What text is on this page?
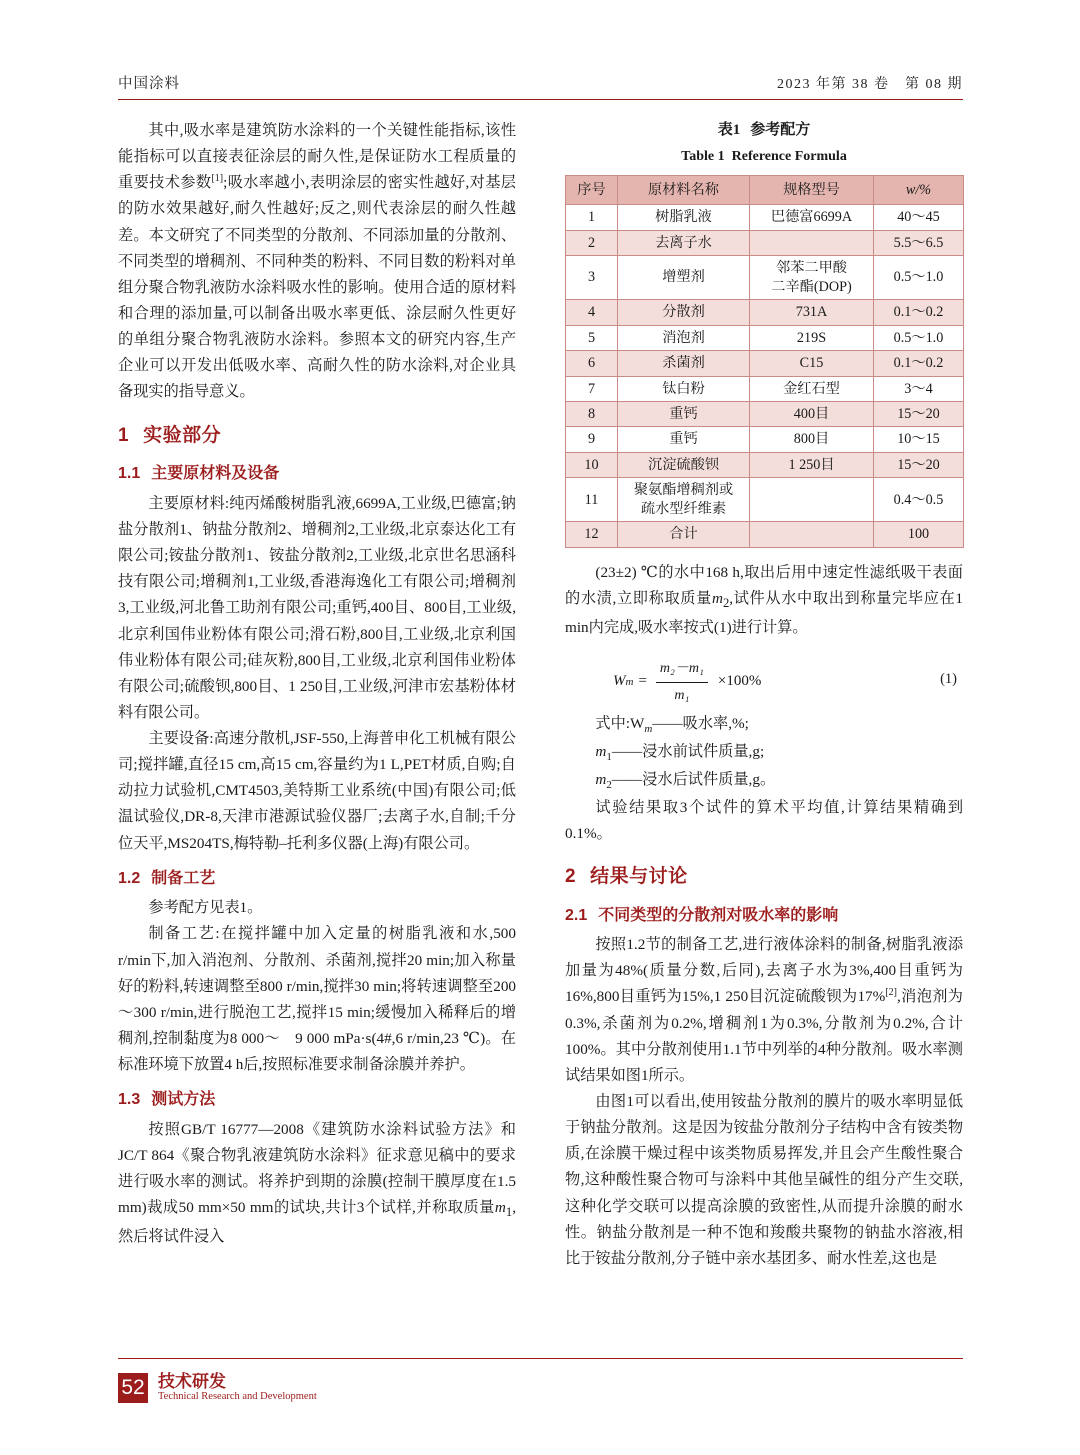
中国涂料	2023 年第 38 卷　第 08 期

其中,吸水率是建筑防水涂料的一个关键性能指标,该性能指标可以直接表征涂层的耐久性,是保证防水工程质量的重要技术参数[1];吸水率越小,表明涂层的密实性越好,对基层的防水效果越好,耐久性越好;反之,则代表涂层的耐久性越差。本文研究了不同类型的分散剂、不同添加量的分散剂、不同类型的增稠剂、不同种类的粉料、不同目数的粉料对单组分聚合物乳液防水涂料吸水性的影响。使用合适的原材料和合理的添加量,可以制备出吸水率更低、涂层耐久性更好的单组分聚合物乳液防水涂料。参照本文的研究内容,生产企业可以开发出低吸水率、高耐久性的防水涂料,对企业具备现实的指导意义。

1 实验部分
1.1 主要原材料及设备

主要原材料:纯丙烯酸树脂乳液,6699A,工业级,巴德富;钠盐分散剂1、钠盐分散剂2、增稠剂2,工业级,北京泰达化工有限公司;铵盐分散剂1、铵盐分散剂2,工业级,北京世名思涵科技有限公司;增稠剂1,工业级,香港海逸化工有限公司;增稠剂3,工业级,河北鲁工助剂有限公司;重钙,400目、800目,工业级,北京利国伟业粉体有限公司;滑石粉,800目,工业级,北京利国伟业粉体有限公司;硅灰粉,800目,工业级,北京利国伟业粉体有限公司;硫酸钡,800目、1 250目,工业级,河津市宏基粉体材料有限公司。

主要设备:高速分散机,JSF-550,上海普申化工机械有限公司;搅拌罐,直径15 cm,高15 cm,容量约为1 L,PET材质,自购;自动拉力试验机,CMT4503,美特斯工业系统(中国)有限公司;低温试验仪,DR-8,天津市港源试验仪器厂;去离子水,自制;千分位天平,MS204TS,梅特勒–托利多仪器(上海)有限公司。

1.2 制备工艺

参考配方见表1。

制备工艺:在搅拌罐中加入定量的树脂乳液和水,500 r/min下,加入消泡剂、分散剂、杀菌剂,搅拌20 min;加入称量好的粉料,转速调整至800 r/min,搅拌30 min;将转速调整至200～300 r/min,进行脱泡工艺,搅拌15 min;缓慢加入稀释后的增稠剂,控制黏度为8 000～　9 000 mPa·s(4#,6 r/min,23 ℃)。在标准环境下放置4 h后,按照标准要求制备涂膜并养护。

1.3 测试方法

按照GB/T 16777—2008《建筑防水涂料试验方法》和JC/T 864《聚合物乳液建筑防水涂料》征求意见稿中的要求进行吸水率的测试。将养护到期的涂膜(控制干膜厚度在1.5 mm)裁成50 mm×50 mm的试块,共计3个试样,并称取质量$m_1$,然后将试件浸入

表1 参考配方
Table 1 Reference Formula
序号	原材料名称	规格型号	w/%
1	树脂乳液	巴德富6699A	40～45
2	去离子水		5.5～6.5
3	增塑剂	邻苯二甲酸
二辛酯(DOP)	0.5～1.0
4	分散剂	731A	0.1～0.2
5	消泡剂	219S	0.5～1.0
6	杀菌剂	C15	0.1～0.2
7	钛白粉	金红石型	3～4
8	重钙	400目	15～20
9	重钙	800目	10～15
10	沉淀硫酸钡	1 250目	15～20
11	聚氨酯增稠剂或
疏水型纤维素		0.4～0.5
12	合计		100

(23±2) ℃的水中168 h,取出后用中速定性滤纸吸干表面的水渍,立即称取质量$m_2$,试件从水中取出到称量完毕应在1 min内完成,吸水率按式(1)进行计算。

W $m = \frac{\text{m₂－m₁}}{\text{m₁}} \times 100\%$	(1)

式中$:W_m——$吸水率,%;

$m_1——$浸水前试件质量,g;

$m_2——$浸水后试件质量,g。

试验结果取3个试件的算术平均值,计算结果精确到0.1%。

2 结果与讨论
2.1 不同类型的分散剂对吸水率的影响

按照1.2节的制备工艺,进行液体涂料的制备,树脂乳液添加量为48%(质量分数,后同),去离子水为3%,400目重钙为16%,800目重钙为15%,1 250目沉淀硫酸钡为17%[2],消泡剂为0.3%,杀菌剂为0.2%,增稠剂1为0.3%,分散剂为0.2%,合计100%。其中分散剂使用1.1节中列举的4种分散剂。吸水率测试结果如图1所示。

由图1可以看出,使用铵盐分散剂的膜片的吸水率明显低于钠盐分散剂。这是因为铵盐分散剂分子结构中含有铵类物质,在涂膜干燥过程中该类物质易挥发,并且会产生酸性聚合物,这种酸性聚合物可与涂料中其他呈碱性的组分产生交联,这种化学交联可以提高涂膜的致密性,从而提升涂膜的耐水性。钠盐分散剂是一种不饱和羧酸共聚物的钠盐水溶液,相比于铵盐分散剂,分子链中亲水基团多、耐水性差,这也是

52 技术研发
Technical Research and Development
